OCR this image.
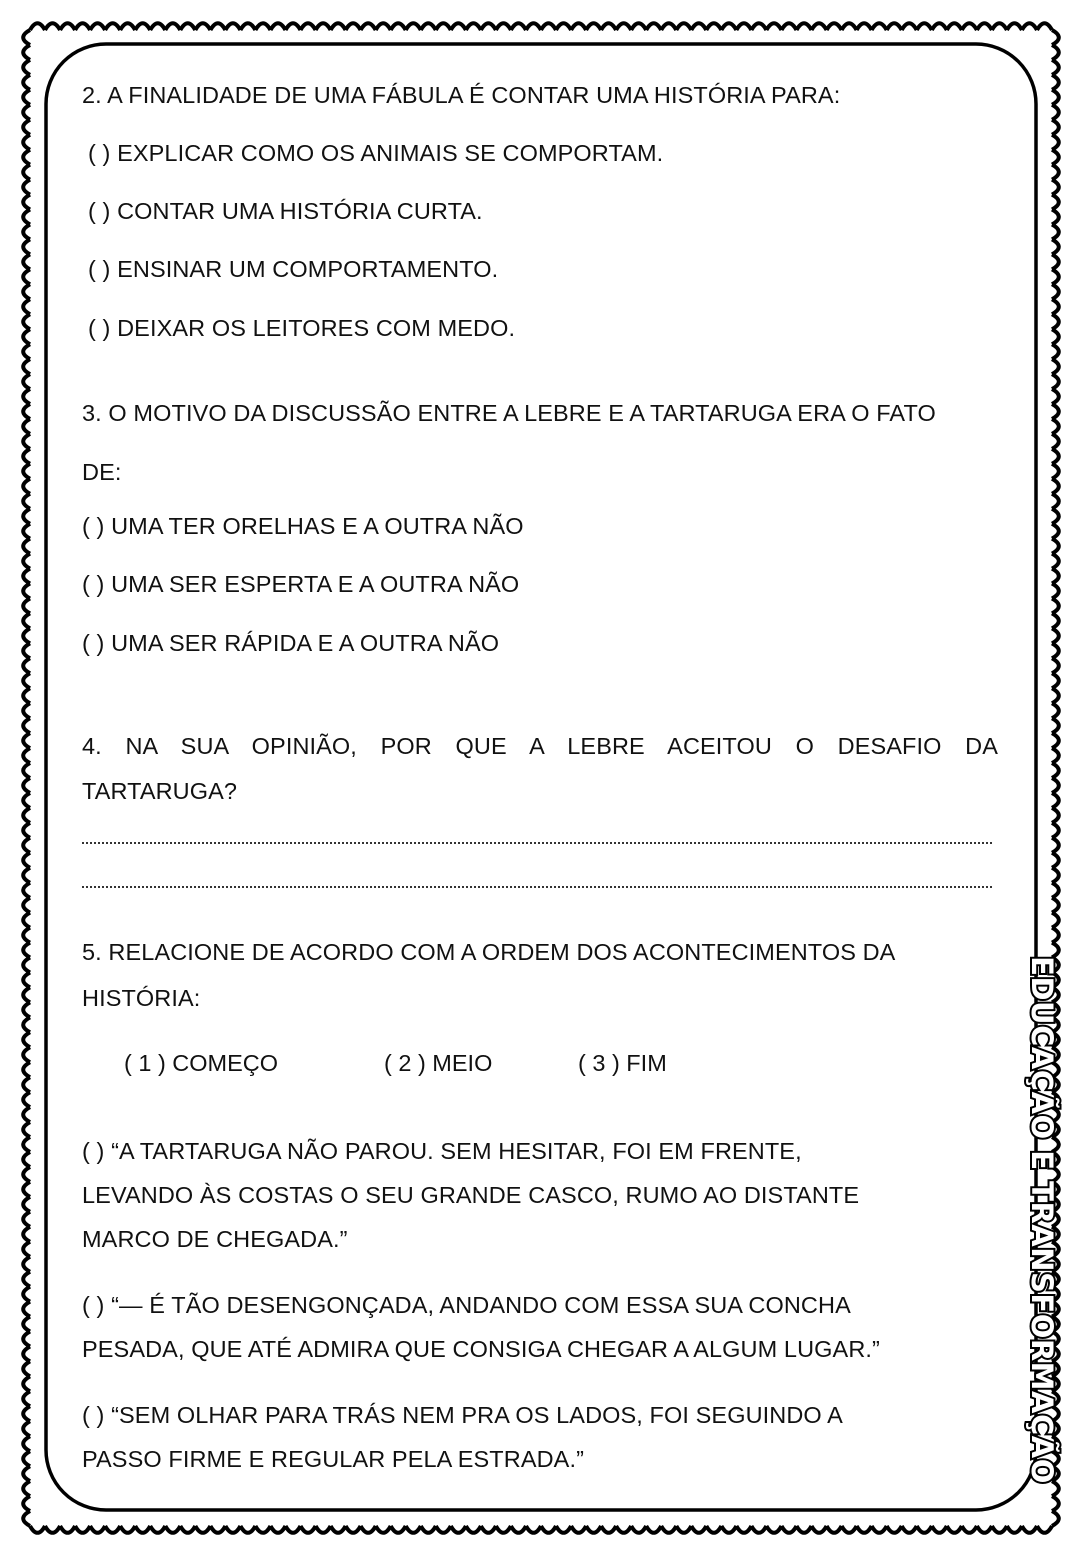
2. A FINALIDADE DE UMA FÁBULA É CONTAR UMA HISTÓRIA PARA:
( ) EXPLICAR COMO OS ANIMAIS SE COMPORTAM.
( ) CONTAR UMA HISTÓRIA CURTA.
( ) ENSINAR UM COMPORTAMENTO.
( ) DEIXAR OS LEITORES COM MEDO.
3. O MOTIVO DA DISCUSSÃO ENTRE A LEBRE E A TARTARUGA ERA O FATO
DE:
( ) UMA TER ORELHAS E A OUTRA NÃO
( ) UMA SER ESPERTA E A OUTRA NÃO
( ) UMA SER RÁPIDA E A OUTRA NÃO
4. NA SUA OPINIÃO, POR QUE A LEBRE ACEITOU O DESAFIO DA
TARTARUGA?
5. RELACIONE DE ACORDO COM A ORDEM DOS ACONTECIMENTOS DA
HISTÓRIA:
( 1 ) COMEÇO	( 2 ) MEIO	( 3 ) FIM
( ) “A TARTARUGA NÃO PAROU. SEM HESITAR, FOI EM FRENTE,
LEVANDO ÀS COSTAS O SEU GRANDE CASCO, RUMO AO DISTANTE
MARCO DE CHEGADA.”
( ) “— É TÃO DESENGONÇADA, ANDANDO COM ESSA SUA CONCHA
PESADA, QUE ATÉ ADMIRA QUE CONSIGA CHEGAR A ALGUM LUGAR.”
( ) “SEM OLHAR PARA TRÁS NEM PRA OS LADOS, FOI SEGUINDO A
PASSO FIRME E REGULAR PELA ESTRADA.”	EDUCAÇÃO E TRANSFORMAÇÃO
